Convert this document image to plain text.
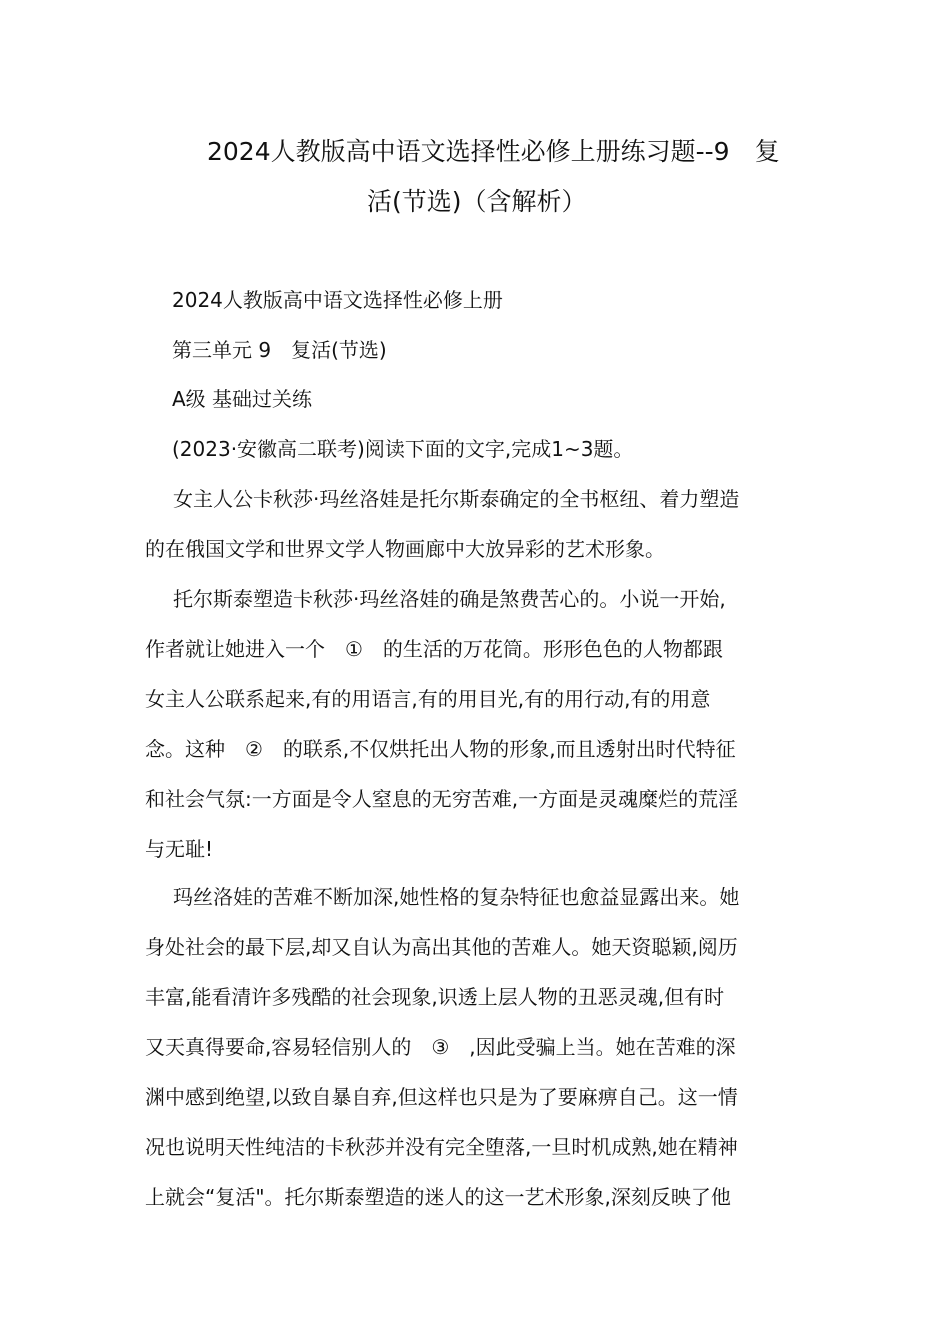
2024人教版高中语文选择性必修上册练习题--9　复
活(节选)（含解析）
2024人教版高中语文选择性必修上册
第三单元 9　复活(节选)
A级 基础过关练
(2023·安徽高二联考)阅读下面的文字,完成1~3题。
女主人公卡秋莎·玛丝洛娃是托尔斯泰确定的全书枢纽、着力塑造
的在俄国文学和世界文学人物画廊中大放异彩的艺术形象。
托尔斯泰塑造卡秋莎·玛丝洛娃的确是煞费苦心的。小说一开始,
作者就让她进入一个　①　的生活的万花筒。形形色色的人物都跟
女主人公联系起来,有的用语言,有的用目光,有的用行动,有的用意
念。这种　②　的联系,不仅烘托出人物的形象,而且透射出时代特征
和社会气氛:一方面是令人窒息的无穷苦难,一方面是灵魂糜烂的荒淫
与无耻!
玛丝洛娃的苦难不断加深,她性格的复杂特征也愈益显露出来。她
身处社会的最下层,却又自认为高出其他的苦难人。她天资聪颖,阅历
丰富,能看清许多残酷的社会现象,识透上层人物的丑恶灵魂,但有时
又天真得要命,容易轻信别人的　③　,因此受骗上当。她在苦难的深
渊中感到绝望,以致自暴自弃,但这样也只是为了要麻痹自己。这一情
况也说明天性纯洁的卡秋莎并没有完全堕落,一旦时机成熟,她在精神
上就会“复活"。托尔斯泰塑造的迷人的这一艺术形象,深刻反映了他
